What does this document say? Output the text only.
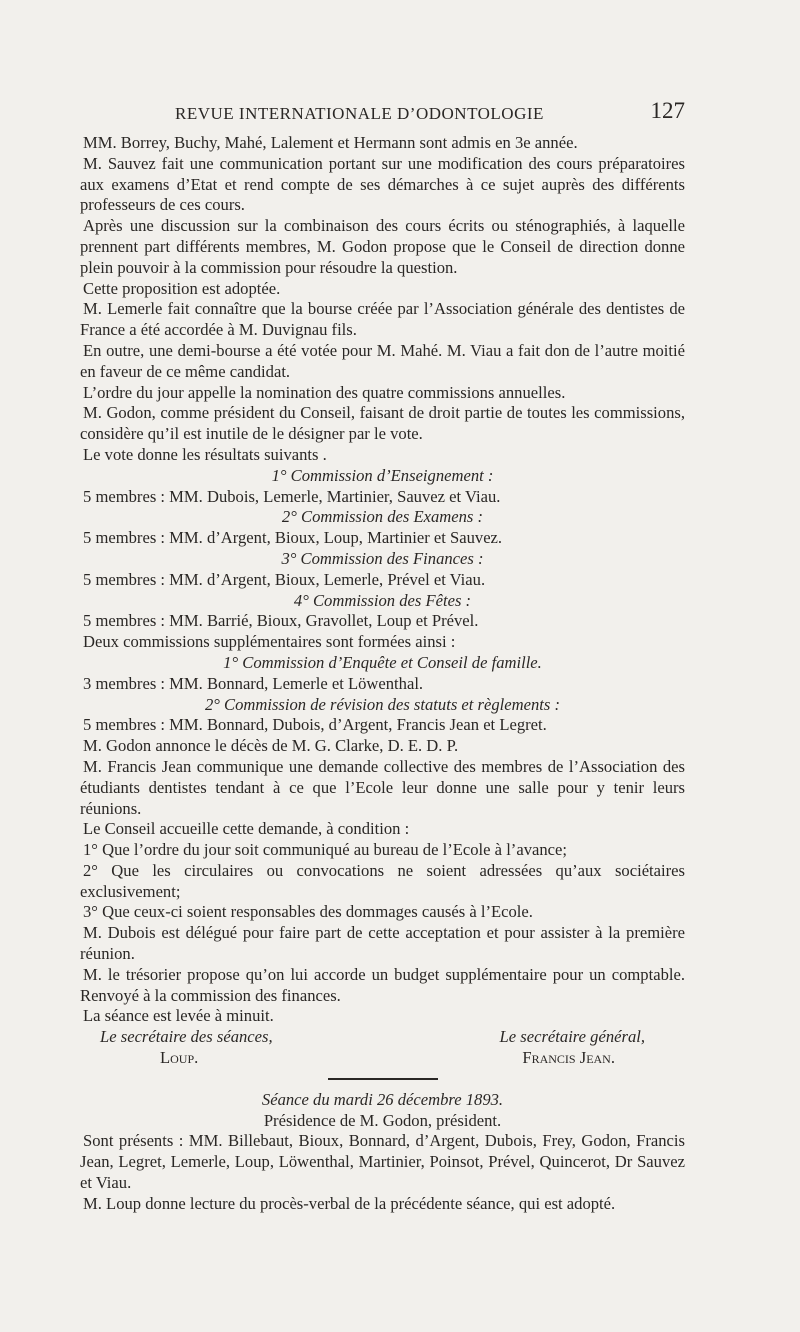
REVUE INTERNATIONALE D’ODONTOLOGIE	127

MM. Borrey, Buchy, Mahé, Lalement et Hermann sont admis en 3e année.

M. Sauvez fait une communication portant sur une modification des cours préparatoires aux examens d’Etat et rend compte de ses démarches à ce sujet auprès des différents professeurs de ces cours.

Après une discussion sur la combinaison des cours écrits ou sténographiés, à laquelle prennent part différents membres, M. Godon propose que le Conseil de direction donne plein pouvoir à la commission pour résoudre la question.

Cette proposition est adoptée.

M. Lemerle fait connaître que la bourse créée par l’Association générale des dentistes de France a été accordée à M. Duvignau fils.

En outre, une demi-bourse a été votée pour M. Mahé. M. Viau a fait don de l’autre moitié en faveur de ce même candidat.

L’ordre du jour appelle la nomination des quatre commissions annuelles.

M. Godon, comme président du Conseil, faisant de droit partie de toutes les commissions, considère qu’il est inutile de le désigner par le vote.

Le vote donne les résultats suivants .

1° Commission d’Enseignement :

5 membres : MM. Dubois, Lemerle, Martinier, Sauvez et Viau.

2° Commission des Examens :

5 membres : MM. d’Argent, Bioux, Loup, Martinier et Sauvez.

3° Commission des Finances :

5 membres : MM. d’Argent, Bioux, Lemerle, Prével et Viau.

4° Commission des Fêtes :

5 membres : MM. Barrié, Bioux, Gravollet, Loup et Prével.

Deux commissions supplémentaires sont formées ainsi :

1° Commission d’Enquête et Conseil de famille.

3 membres : MM. Bonnard, Lemerle et Löwenthal.

2° Commission de révision des statuts et règlements :

5 membres : MM. Bonnard, Dubois, d’Argent, Francis Jean et Legret.

M. Godon annonce le décès de M. G. Clarke, D. E. D. P.

M. Francis Jean communique une demande collective des membres de l’Association des étudiants dentistes tendant à ce que l’Ecole leur donne une salle pour y tenir leurs réunions.

Le Conseil accueille cette demande, à condition :

1° Que l’ordre du jour soit communiqué au bureau de l’Ecole à l’avance;

2° Que les circulaires ou convocations ne soient adressées qu’aux sociétaires exclusivement;

3° Que ceux-ci soient responsables des dommages causés à l’Ecole.

M. Dubois est délégué pour faire part de cette acceptation et pour assister à la première réunion.

M. le trésorier propose qu’on lui accorde un budget supplémentaire pour un comptable. Renvoyé à la commission des finances.

La séance est levée à minuit.

Le secrétaire des séances,	Le secrétaire général,
Loup.	Francis Jean.

Séance du mardi 26 décembre 1893.

Présidence de M. Godon, président.

Sont présents : MM. Billebaut, Bioux, Bonnard, d’Argent, Dubois, Frey, Godon, Francis Jean, Legret, Lemerle, Loup, Löwenthal, Martinier, Poinsot, Prével, Quincerot, Dr Sauvez et Viau.

M. Loup donne lecture du procès-verbal de la précédente séance, qui est adopté.
